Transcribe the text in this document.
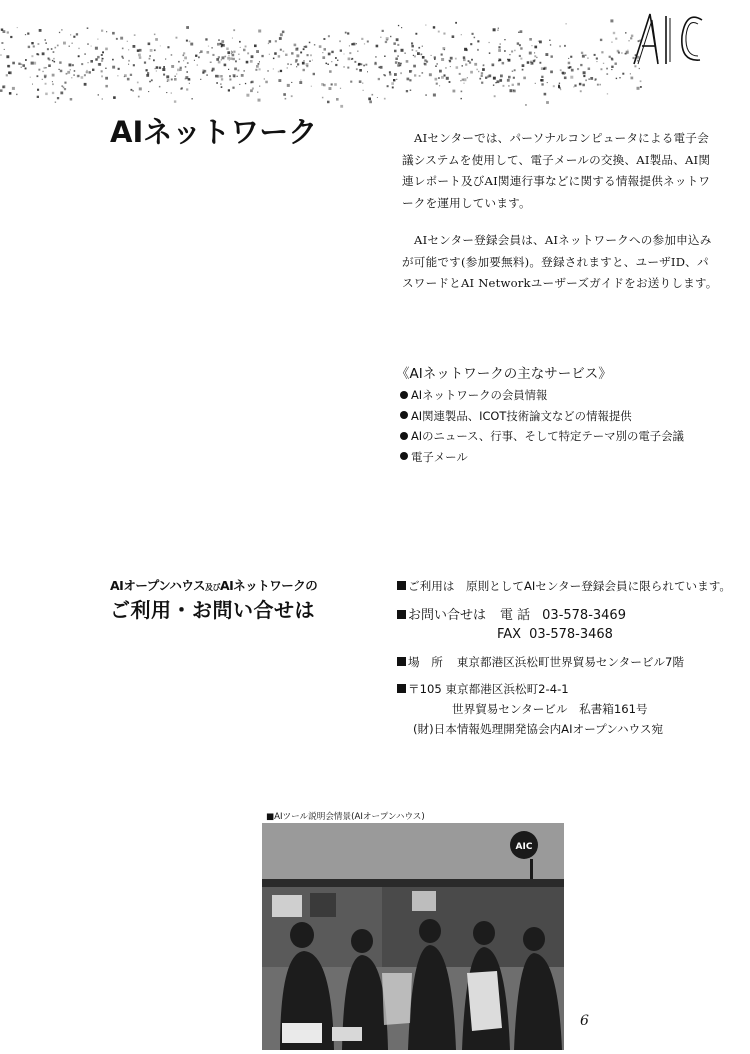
AIネットワーク	AIセンターでは、パーソナルコンピュータによる電子会議システムを使用して、電子メールの交換、AI製品、AI関連レポート及びAI関連行事などに関する情報提供ネットワークを運用しています。
AIセンター登録会員は、AIネットワークへの参加申込みが可能です(参加要無料)。登録されますと、ユーザID、パスワードとAI Networkユーザーズガイドをお送りします。
《AIネットワークの主なサービス》
AIネットワークの会員情報
AI関連製品、ICOT技術論文などの情報提供
AIのニュース、行事、そして特定テーマ別の電子会議
電子メール
AIオープンハウス及びAIネットワークの
ご利用・お問い合せは
ご利用は　原則としてAIセンター登録会員に限られています。
お問い合せは 電 話 03-578-3469
FAX 03-578-3468
場　所 東京都港区浜松町世界貿易センタービル7階
〒105 東京都港区浜松町2-4-1
世界貿易センタービル　私書箱161号
(財)日本情報処理開発協会内AIオープンハウス宛
■AIツール説明会情景(AIオープンハウス)
AIC
6
